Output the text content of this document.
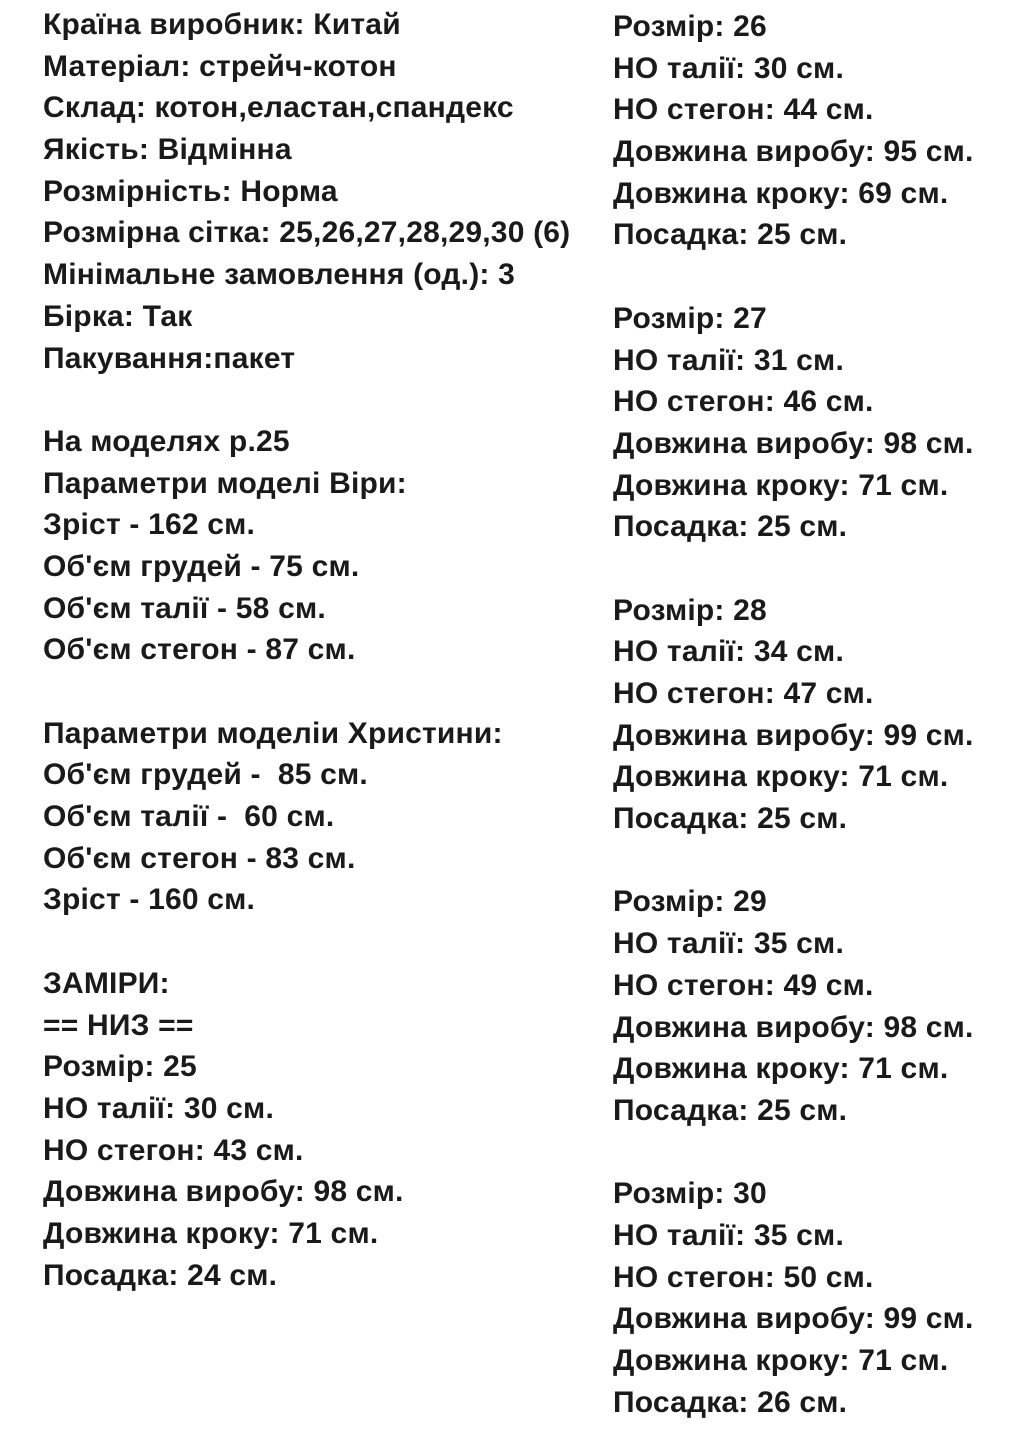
Країна виробник: Китай
Матеріал: стрейч-котон
Склад: котон,еластан,спандекс
Якість: Відмінна
Розмірність: Норма
Розмірна сітка: 25,26,27,28,29,30 (6)
Мінімальне замовлення (од.): 3
Бірка: Так
Пакування:пакет
На моделях р.25
Параметри моделі Віри:
Зріст - 162 см.
Об'єм грудей - 75 см.
Об'єм талії - 58 см.
Об'єм стегон - 87 см.
Параметри моделіи Христини:
Об'єм грудей -  85 см.
Об'єм талії -  60 см.
Об'єм стегон - 83 см.
Зріст - 160 см.
ЗАМІРИ:
== НИЗ ==
Розмір: 25
НО талії: 30 см.
НО стегон: 43 см.
Довжина виробу: 98 см.
Довжина кроку: 71 см.
Посадка: 24 см.
Розмір: 26
НО талії: 30 см.
НО стегон: 44 см.
Довжина виробу: 95 см.
Довжина кроку: 69 см.
Посадка: 25 см.
Розмір: 27
НО талії: 31 см.
НО стегон: 46 см.
Довжина виробу: 98 см.
Довжина кроку: 71 см.
Посадка: 25 см.
Розмір: 28
НО талії: 34 см.
НО стегон: 47 см.
Довжина виробу: 99 см.
Довжина кроку: 71 см.
Посадка: 25 см.
Розмір: 29
НО талії: 35 см.
НО стегон: 49 см.
Довжина виробу: 98 см.
Довжина кроку: 71 см.
Посадка: 25 см.
Розмір: 30
НО талії: 35 см.
НО стегон: 50 см.
Довжина виробу: 99 см.
Довжина кроку: 71 см.
Посадка: 26 см.
